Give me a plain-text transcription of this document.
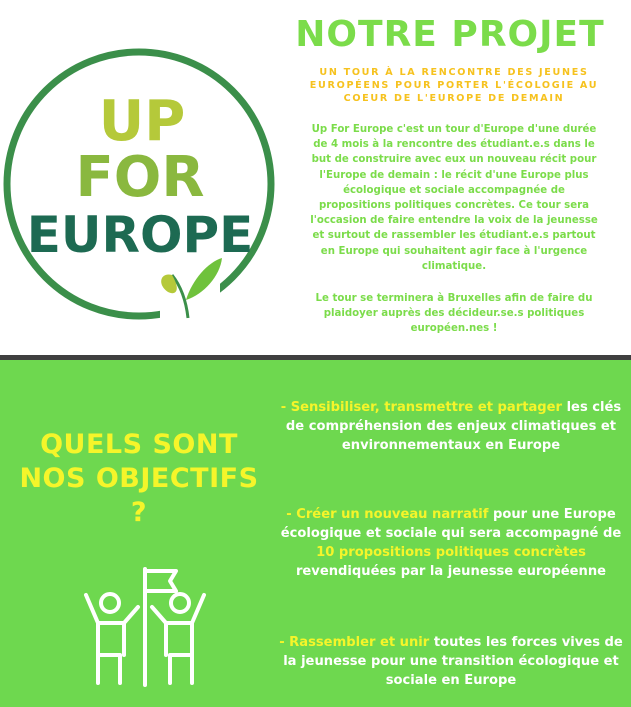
UP
FOR
EUROPE
NOTRE PROJET
UN TOUR À LA RENCONTRE DES JEUNES EUROPÉENS POUR PORTER L'ÉCOLOGIE AU COEUR DE L'EUROPE DE DEMAIN
Up For Europe c'est un tour d'Europe d'une durée de 4 mois à la rencontre des étudiant.e.s dans le but de construire avec eux un nouveau récit pour l'Europe de demain : le récit d'une Europe plus écologique et sociale accompagnée de propositions politiques concrètes. Ce tour sera l'occasion de faire entendre la voix de la jeunesse et surtout de rassembler les étudiant.e.s partout en Europe qui souhaitent agir face à l'urgence climatique.
Le tour se terminera à Bruxelles afin de faire du plaidoyer auprès des décideur.se.s politiques européen.nes !
QUELS SONT NOS OBJECTIFS ?
- Sensibiliser, transmettre et partager les clés de compréhension des enjeux climatiques et environnementaux en Europe
- Créer un nouveau narratif pour une Europe écologique et sociale qui sera accompagné de 10 propositions politiques concrètes revendiquées par la jeunesse européenne
- Rassembler et unir toutes les forces vives de la jeunesse pour une transition écologique et sociale en Europe
